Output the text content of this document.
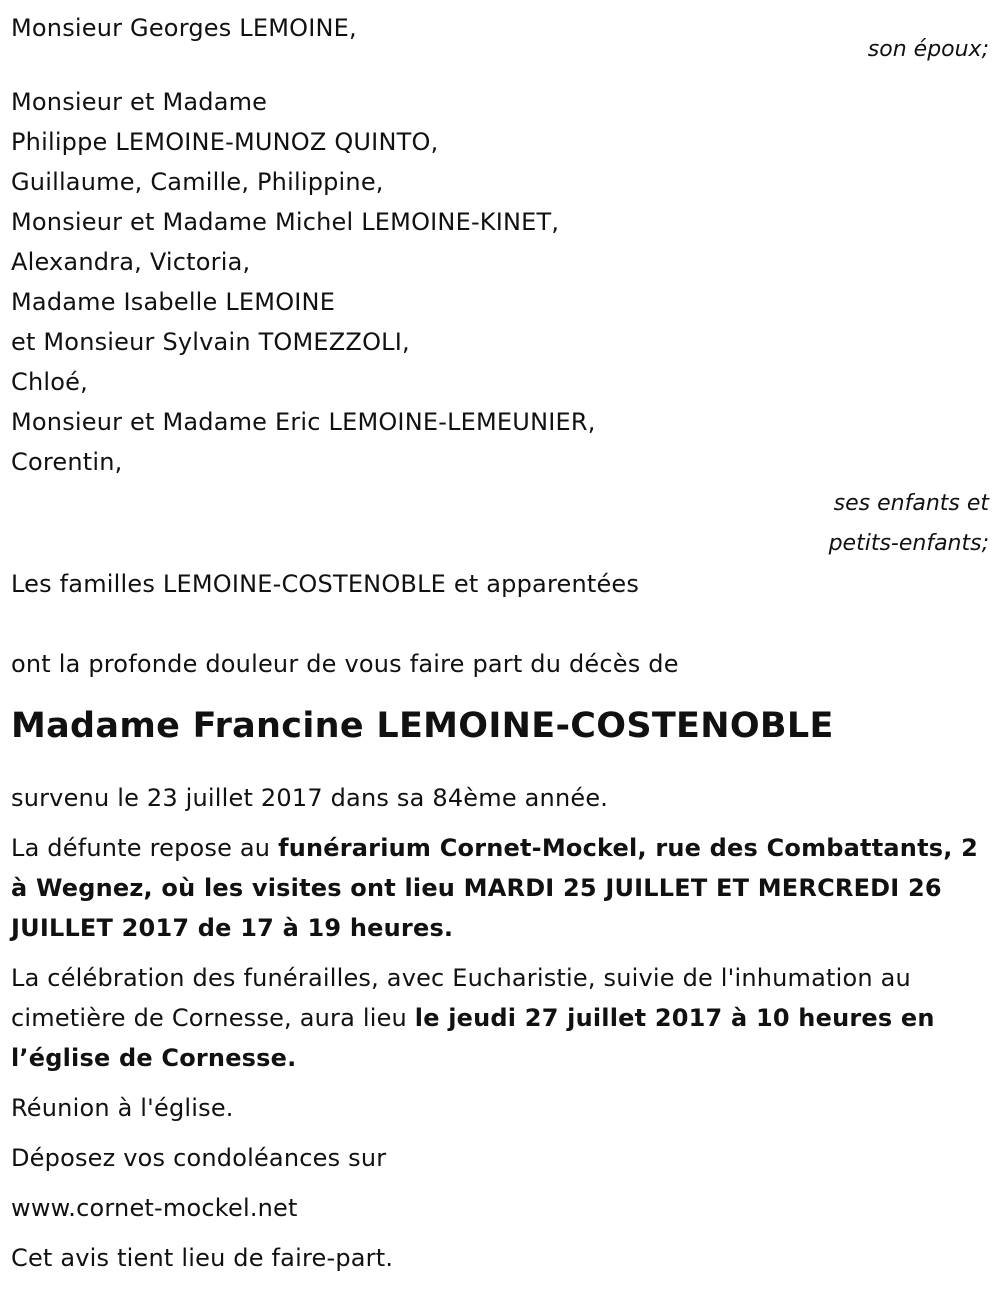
Monsieur Georges LEMOINE,
son époux;
Monsieur et Madame
Philippe LEMOINE-MUNOZ QUINTO,
Guillaume, Camille, Philippine,
Monsieur et Madame Michel LEMOINE-KINET,
Alexandra, Victoria,
Madame Isabelle LEMOINE
et Monsieur Sylvain TOMEZZOLI,
Chloé,
Monsieur et Madame Eric LEMOINE-LEMEUNIER,
Corentin,
ses enfants et
petits-enfants;
Les familles LEMOINE-COSTENOBLE et apparentées
ont la profonde douleur de vous faire part du décès de
Madame Francine LEMOINE-COSTENOBLE
survenu le 23 juillet 2017 dans sa 84ème année.

La défunte repose au funérarium Cornet-Mockel, rue des Combattants, 2 à Wegnez, où les visites ont lieu MARDI 25 JUILLET ET MERCREDI 26 JUILLET 2017 de 17 à 19 heures.

La célébration des funérailles, avec Eucharistie, suivie de l'inhumation au cimetière de Cornesse, aura lieu le jeudi 27 juillet 2017 à 10 heures en l’église de Cornesse.

Réunion à l'église.
Déposez vos condoléances sur
www.cornet-mockel.net
Cet avis tient lieu de faire-part.
